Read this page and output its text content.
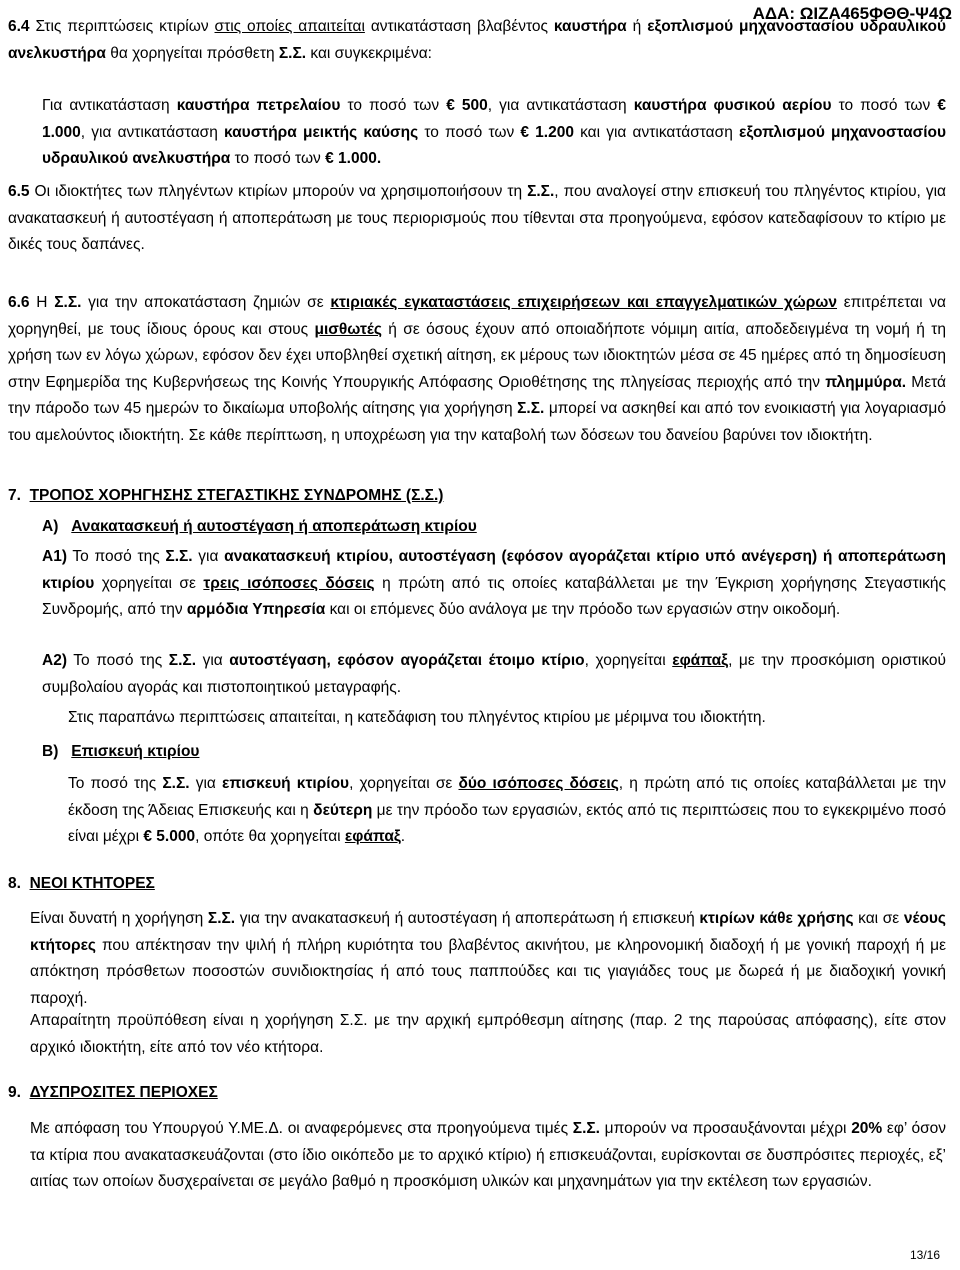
ΑΔΑ: ΩΙΖΑ465ΦΘΘ-Ψ4Ω
6.4 Στις περιπτώσεις κτιρίων στις οποίες απαιτείται αντικατάσταση βλαβέντος καυστήρα ή εξοπλισμού μηχανοστασίου υδραυλικού ανελκυστήρα θα χορηγείται πρόσθετη Σ.Σ. και συγκεκριμένα:
Για αντικατάσταση καυστήρα πετρελαίου το ποσό των € 500, για αντικατάσταση καυστήρα φυσικού αερίου το ποσό των € 1.000, για αντικατάσταση καυστήρα μεικτής καύσης το ποσό των € 1.200 και για αντικατάσταση εξοπλισμού μηχανοστασίου υδραυλικού ανελκυστήρα το ποσό των € 1.000.
6.5 Οι ιδιοκτήτες των πληγέντων κτιρίων μπορούν να χρησιμοποιήσουν τη Σ.Σ., που αναλογεί στην επισκευή του πληγέντος κτιρίου, για ανακατασκευή ή αυτοστέγαση ή αποπεράτωση με τους περιορισμούς που τίθενται στα προηγούμενα, εφόσον κατεδαφίσουν το κτίριο με δικές τους δαπάνες.
6.6 Η Σ.Σ. για την αποκατάσταση ζημιών σε κτιριακές εγκαταστάσεις επιχειρήσεων και επαγγελματικών χώρων επιτρέπεται να χορηγηθεί, με τους ίδιους όρους και στους μισθωτές ή σε όσους έχουν από οποιαδήποτε νόμιμη αιτία, αποδεδειγμένα τη νομή ή τη χρήση των εν λόγω χώρων, εφόσον δεν έχει υποβληθεί σχετική αίτηση, εκ μέρους των ιδιοκτητών μέσα σε 45 ημέρες από τη δημοσίευση στην Εφημερίδα της Κυβερνήσεως της Κοινής Υπουργικής Απόφασης Οριοθέτησης της πληγείσας περιοχής από την πλημμύρα. Μετά την πάροδο των 45 ημερών το δικαίωμα υποβολής αίτησης για χορήγηση Σ.Σ. μπορεί να ασκηθεί και από τον ενοικιαστή για λογαριασμό του αμελούντος ιδιοκτήτη. Σε κάθε περίπτωση, η υποχρέωση για την καταβολή των δόσεων του δανείου βαρύνει τον ιδιοκτήτη.
7. ΤΡΟΠΟΣ ΧΟΡΗΓΗΣΗΣ ΣΤΕΓΑΣΤΙΚΗΣ ΣΥΝΔΡΟΜΗΣ (Σ.Σ.)
Α) Ανακατασκευή ή αυτοστέγαση ή αποπεράτωση κτιρίου
Α1) Το ποσό της Σ.Σ. για ανακατασκευή κτιρίου, αυτοστέγαση (εφόσον αγοράζεται κτίριο υπό ανέγερση) ή αποπεράτωση κτιρίου χορηγείται σε τρεις ισόποσες δόσεις η πρώτη από τις οποίες καταβάλλεται με την Έγκριση χορήγησης Στεγαστικής Συνδρομής, από την αρμόδια Υπηρεσία και οι επόμενες δύο ανάλογα με την πρόοδο των εργασιών στην οικοδομή.
Α2) Το ποσό της Σ.Σ. για αυτοστέγαση, εφόσον αγοράζεται έτοιμο κτίριο, χορηγείται εφάπαξ, με την προσκόμιση οριστικού συμβολαίου αγοράς και πιστοποιητικού μεταγραφής.
Στις παραπάνω περιπτώσεις απαιτείται, η κατεδάφιση του πληγέντος κτιρίου με μέριμνα του ιδιοκτήτη.
Β) Επισκευή κτιρίου
Το ποσό της Σ.Σ. για επισκευή κτιρίου, χορηγείται σε δύο ισόποσες δόσεις, η πρώτη από τις οποίες καταβάλλεται με την έκδοση της Άδειας Επισκευής και η δεύτερη με την πρόοδο των εργασιών, εκτός από τις περιπτώσεις που το εγκεκριμένο ποσό είναι μέχρι € 5.000, οπότε θα χορηγείται εφάπαξ.
8. ΝΕΟΙ ΚΤΗΤΟΡΕΣ
Είναι δυνατή η χορήγηση Σ.Σ. για την ανακατασκευή ή αυτοστέγαση ή αποπεράτωση ή επισκευή κτιρίων κάθε χρήσης και σε νέους κτήτορες που απέκτησαν την ψιλή ή πλήρη κυριότητα του βλαβέντος ακινήτου, με κληρονομική διαδοχή ή με γονική παροχή ή με απόκτηση πρόσθετων ποσοστών συνιδιοκτησίας ή από τους παππούδες και τις γιαγιάδες τους με δωρεά ή με διαδοχική γονική παροχή.
Απαραίτητη προϋπόθεση είναι η χορήγηση Σ.Σ. με την αρχική εμπρόθεσμη αίτησης (παρ. 2 της παρούσας απόφασης), είτε στον αρχικό ιδιοκτήτη, είτε από τον νέο κτήτορα.
9. ΔΥΣΠΡΟΣΙΤΕΣ ΠΕΡΙΟΧΕΣ
Με απόφαση του Υπουργού Υ.ΜΕ.Δ. οι αναφερόμενες στα προηγούμενα τιμές Σ.Σ. μπορούν να προσαυξάνονται μέχρι 20% εφ’ όσον τα κτίρια που ανακατασκευάζονται (στο ίδιο οικόπεδο με το αρχικό κτίριο) ή επισκευάζονται, ευρίσκονται σε δυσπρόσιτες περιοχές, εξ’ αιτίας των οποίων δυσχεραίνεται σε μεγάλο βαθμό η προσκόμιση υλικών και μηχανημάτων για την εκτέλεση των εργασιών.
13/16
